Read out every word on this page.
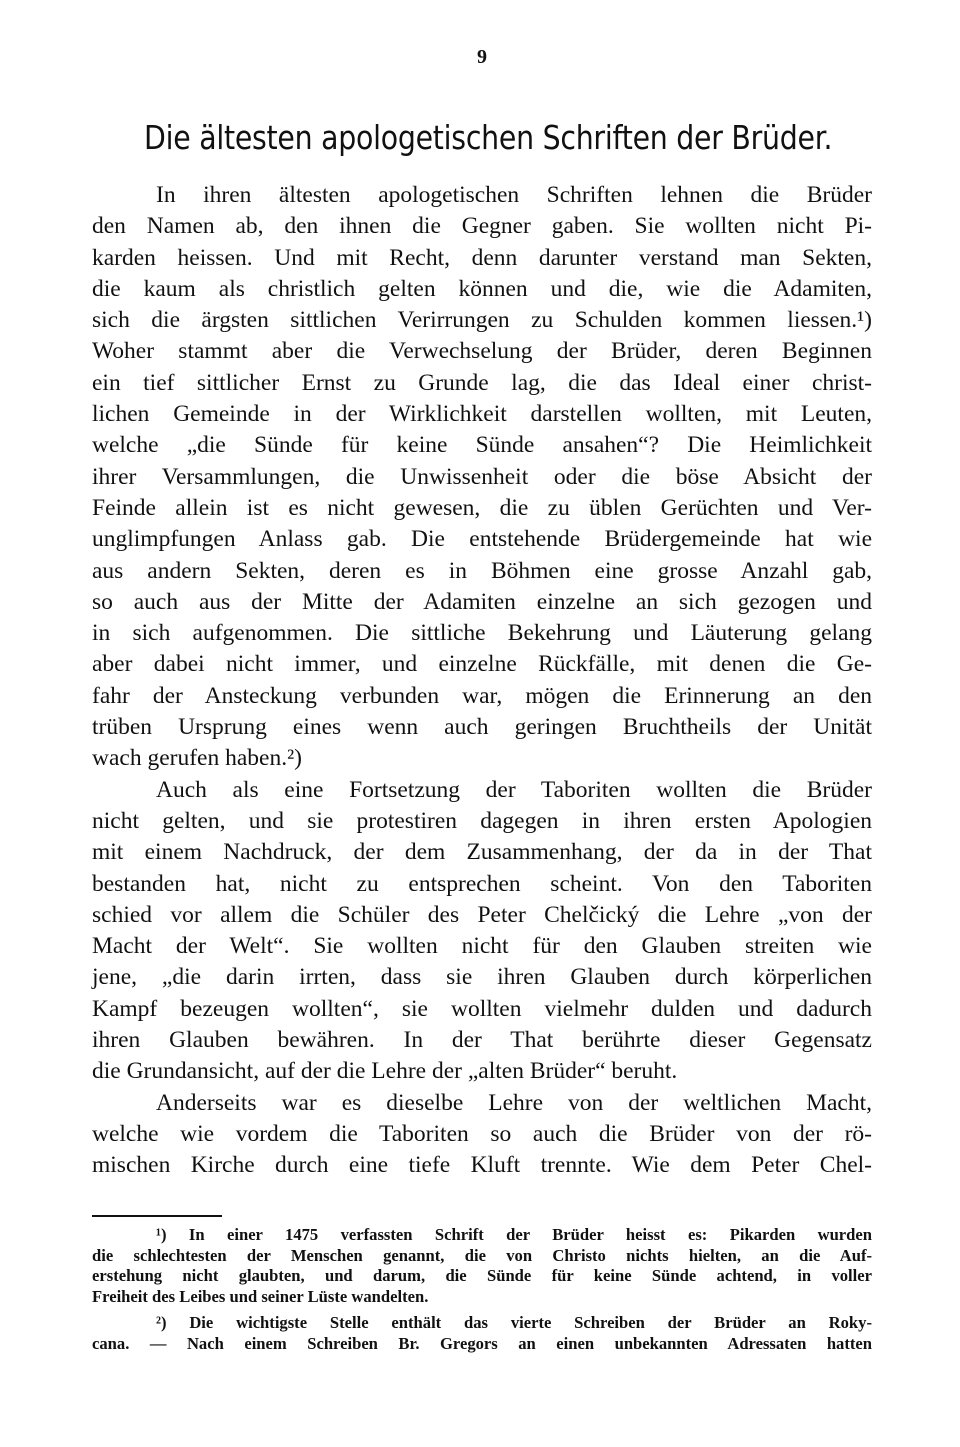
9
Die ältesten apologetischen Schriften der Brüder.
In ihren ältesten apologetischen Schriften lehnen die Brüder
den Namen ab, den ihnen die Gegner gaben. Sie wollten nicht Pi-
karden heissen. Und mit Recht, denn darunter verstand man Sekten,
die kaum als christlich gelten können und die, wie die Adamiten,
sich die ärgsten sittlichen Verirrungen zu Schulden kommen liessen.¹)
Woher stammt aber die Verwechselung der Brüder, deren Beginnen
ein tief sittlicher Ernst zu Grunde lag, die das Ideal einer christ-
lichen Gemeinde in der Wirklichkeit darstellen wollten, mit Leuten,
welche „die Sünde für keine Sünde ansahen“? Die Heimlichkeit
ihrer Versammlungen, die Unwissenheit oder die böse Absicht der
Feinde allein ist es nicht gewesen, die zu üblen Gerüchten und Ver-
unglimpfungen Anlass gab. Die entstehende Brüdergemeinde hat wie
aus andern Sekten, deren es in Böhmen eine grosse Anzahl gab,
so auch aus der Mitte der Adamiten einzelne an sich gezogen und
in sich aufgenommen. Die sittliche Bekehrung und Läuterung gelang
aber dabei nicht immer, und einzelne Rückfälle, mit denen die Ge-
fahr der Ansteckung verbunden war, mögen die Erinnerung an den
trüben Ursprung eines wenn auch geringen Bruchtheils der Unität
wach gerufen haben.²)
Auch als eine Fortsetzung der Taboriten wollten die Brüder
nicht gelten, und sie protestiren dagegen in ihren ersten Apologien
mit einem Nachdruck, der dem Zusammenhang, der da in der That
bestanden hat, nicht zu entsprechen scheint. Von den Taboriten
schied vor allem die Schüler des Peter Chelčický die Lehre „von der
Macht der Welt“. Sie wollten nicht für den Glauben streiten wie
jene, „die darin irrten, dass sie ihren Glauben durch körperlichen
Kampf bezeugen wollten“, sie wollten vielmehr dulden und dadurch
ihren Glauben bewähren. In der That berührte dieser Gegensatz
die Grundansicht, auf der die Lehre der „alten Brüder“ beruht.
Anderseits war es dieselbe Lehre von der weltlichen Macht,
welche wie vordem die Taboriten so auch die Brüder von der rö-
mischen Kirche durch eine tiefe Kluft trennte. Wie dem Peter Chel-
¹) In einer 1475 verfassten Schrift der Brüder heisst es: Pikarden wurden
die schlechtesten der Menschen genannt, die von Christo nichts hielten, an die Auf-
erstehung nicht glaubten, und darum, die Sünde für keine Sünde achtend, in voller
Freiheit des Leibes und seiner Lüste wandelten.
²) Die wichtigste Stelle enthält das vierte Schreiben der Brüder an Roky-
cana. — Nach einem Schreiben Br. Gregors an einen unbekannten Adressaten hatten
